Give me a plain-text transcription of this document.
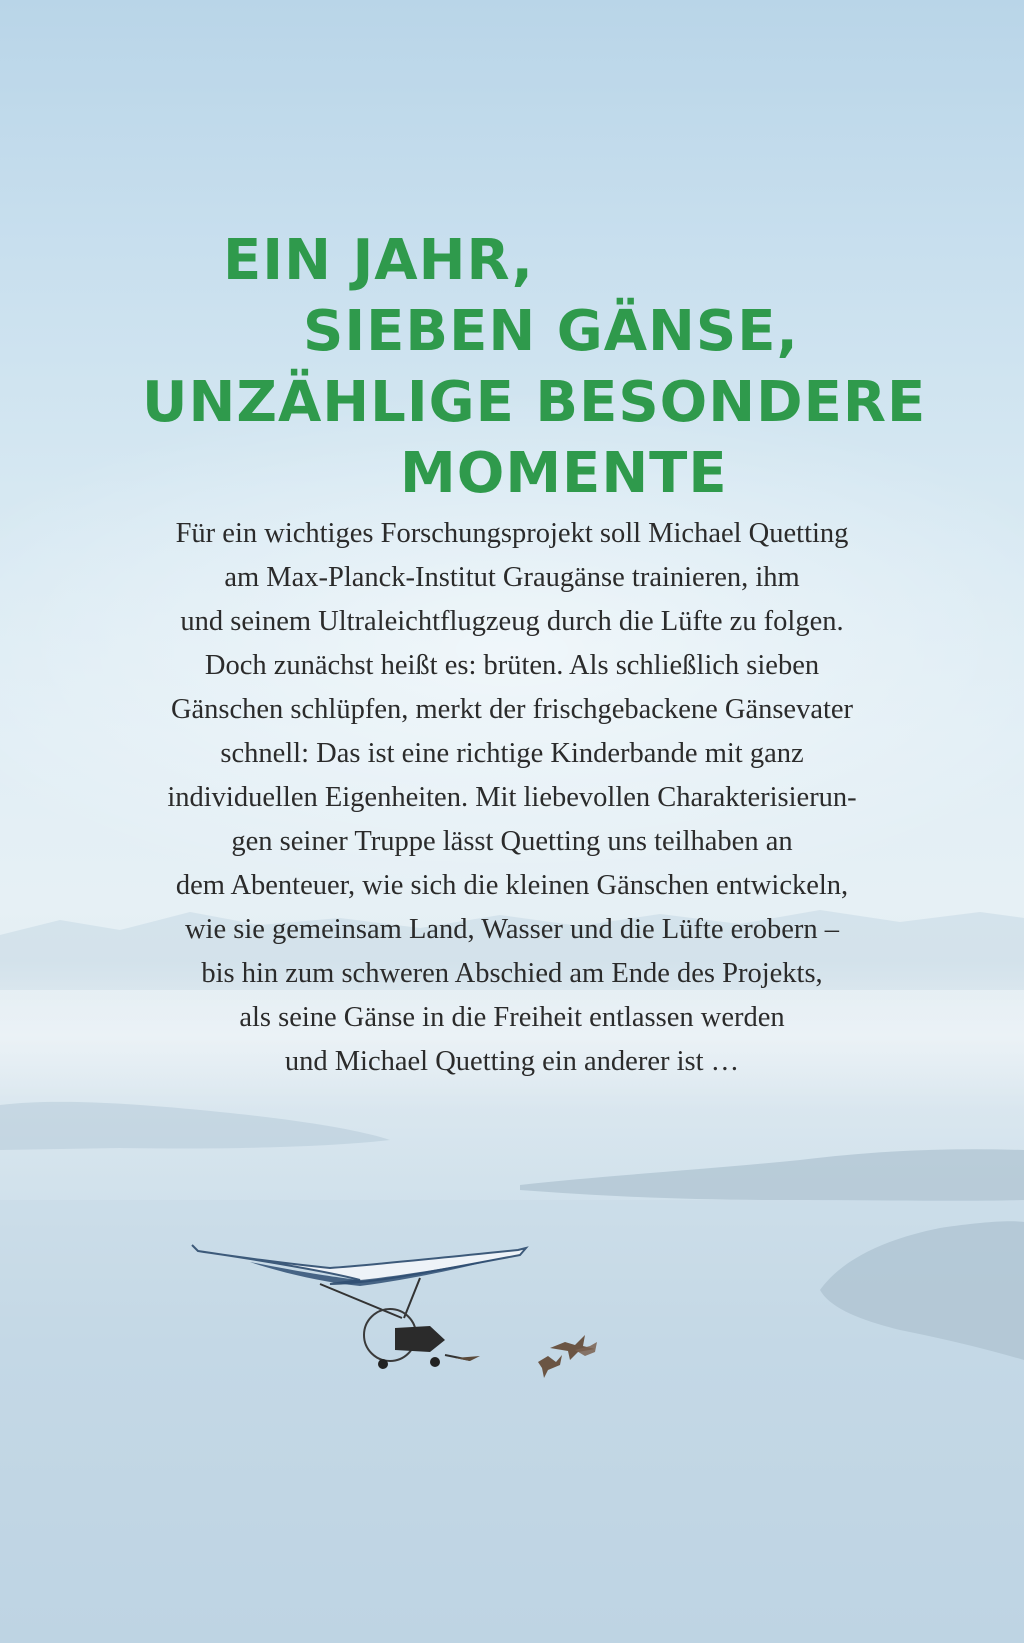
EIN JAHR,
SIEBEN GÄNSE,
UNZÄHLIGE BESONDERE
MOMENTE
Für ein wichtiges Forschungsprojekt soll Michael Quetting
am Max-Planck-Institut Graugänse trainieren, ihm
und seinem Ultraleichtflugzeug durch die Lüfte zu folgen.
Doch zunächst heißt es: brüten. Als schließlich sieben
Gänschen schlüpfen, merkt der frischgebackene Gänsevater
schnell: Das ist eine richtige Kinderbande mit ganz
individuellen Eigenheiten. Mit liebevollen Charakterisierun-
gen seiner Truppe lässt Quetting uns teilhaben an
dem Abenteuer, wie sich die kleinen Gänschen entwickeln,
wie sie gemeinsam Land, Wasser und die Lüfte erobern –
bis hin zum schweren Abschied am Ende des Projekts,
als seine Gänse in die Freiheit entlassen werden
und Michael Quetting ein anderer ist …
